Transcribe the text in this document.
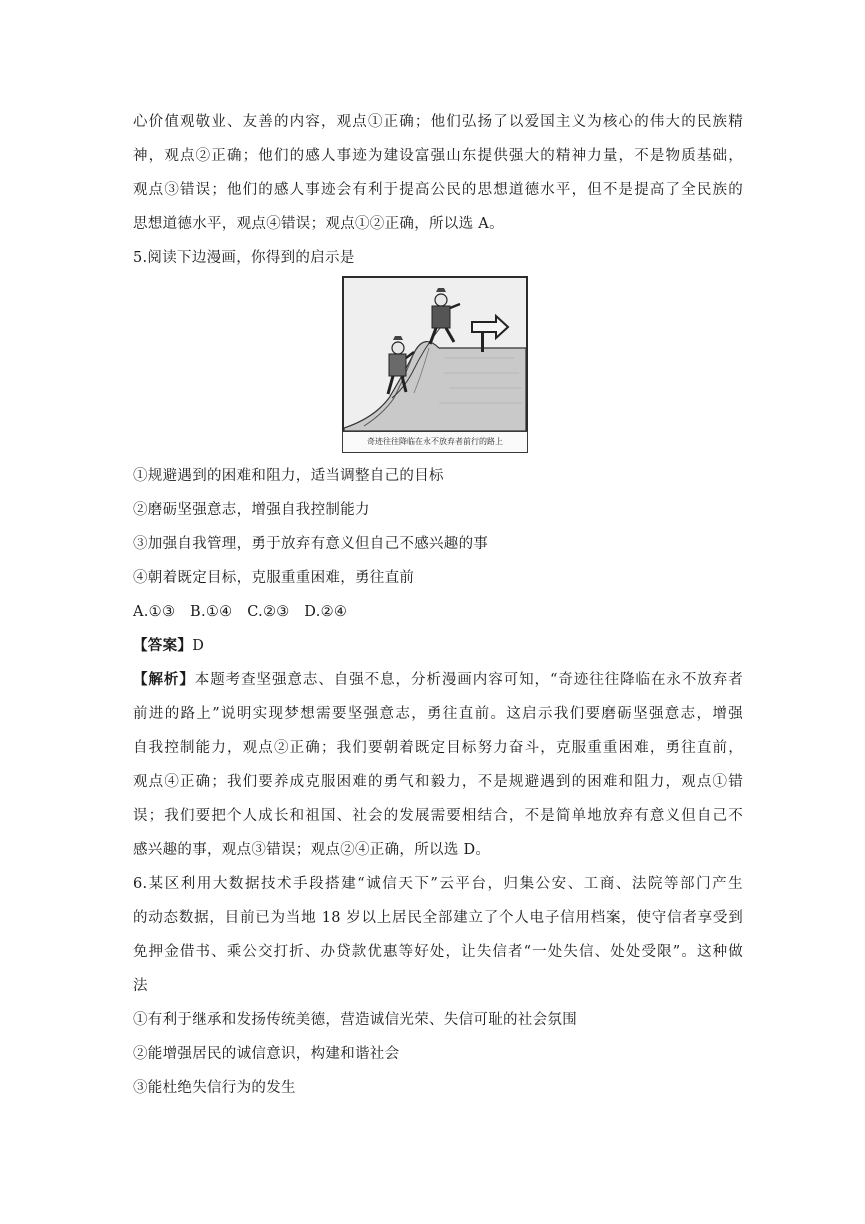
心价值观敬业、友善的内容，观点①正确；他们弘扬了以爱国主义为核心的伟大的民族精
神，观点②正确；他们的感人事迹为建设富强山东提供强大的精神力量，不是物质基础，
观点③错误；他们的感人事迹会有利于提高公民的思想道德水平，但不是提高了全民族的
思想道德水平，观点④错误；观点①②正确，所以选 A。
5.阅读下边漫画，你得到的启示是
奇迹往往降临在永不放弃者前行的路上
①规避遇到的困难和阻力，适当调整自己的目标
②磨砺坚强意志，增强自我控制能力
③加强自我管理，勇于放弃有意义但自己不感兴趣的事
④朝着既定目标，克服重重困难，勇往直前
A.①③   B.①④   C.②③   D.②④
【答案】D
【解析】本题考查坚强意志、自强不息，分析漫画内容可知，“奇迹往往降临在永不放弃者
前进的路上”说明实现梦想需要坚强意志，勇往直前。这启示我们要磨砺坚强意志，增强
自我控制能力，观点②正确；我们要朝着既定目标努力奋斗，克服重重困难，勇往直前，
观点④正确；我们要养成克服困难的勇气和毅力，不是规避遇到的困难和阻力，观点①错
误；我们要把个人成长和祖国、社会的发展需要相结合，不是简单地放弃有意义但自己不
感兴趣的事，观点③错误；观点②④正确，所以选 D。
6.某区利用大数据技术手段搭建“诚信天下”云平台，归集公安、工商、法院等部门产生
的动态数据，目前已为当地 18 岁以上居民全部建立了个人电子信用档案，使守信者享受到
免押金借书、乘公交打折、办贷款优惠等好处，让失信者“一处失信、处处受限”。这种做
法
①有利于继承和发扬传统美德，营造诚信光荣、失信可耻的社会氛围
②能增强居民的诚信意识，构建和谐社会
③能杜绝失信行为的发生
